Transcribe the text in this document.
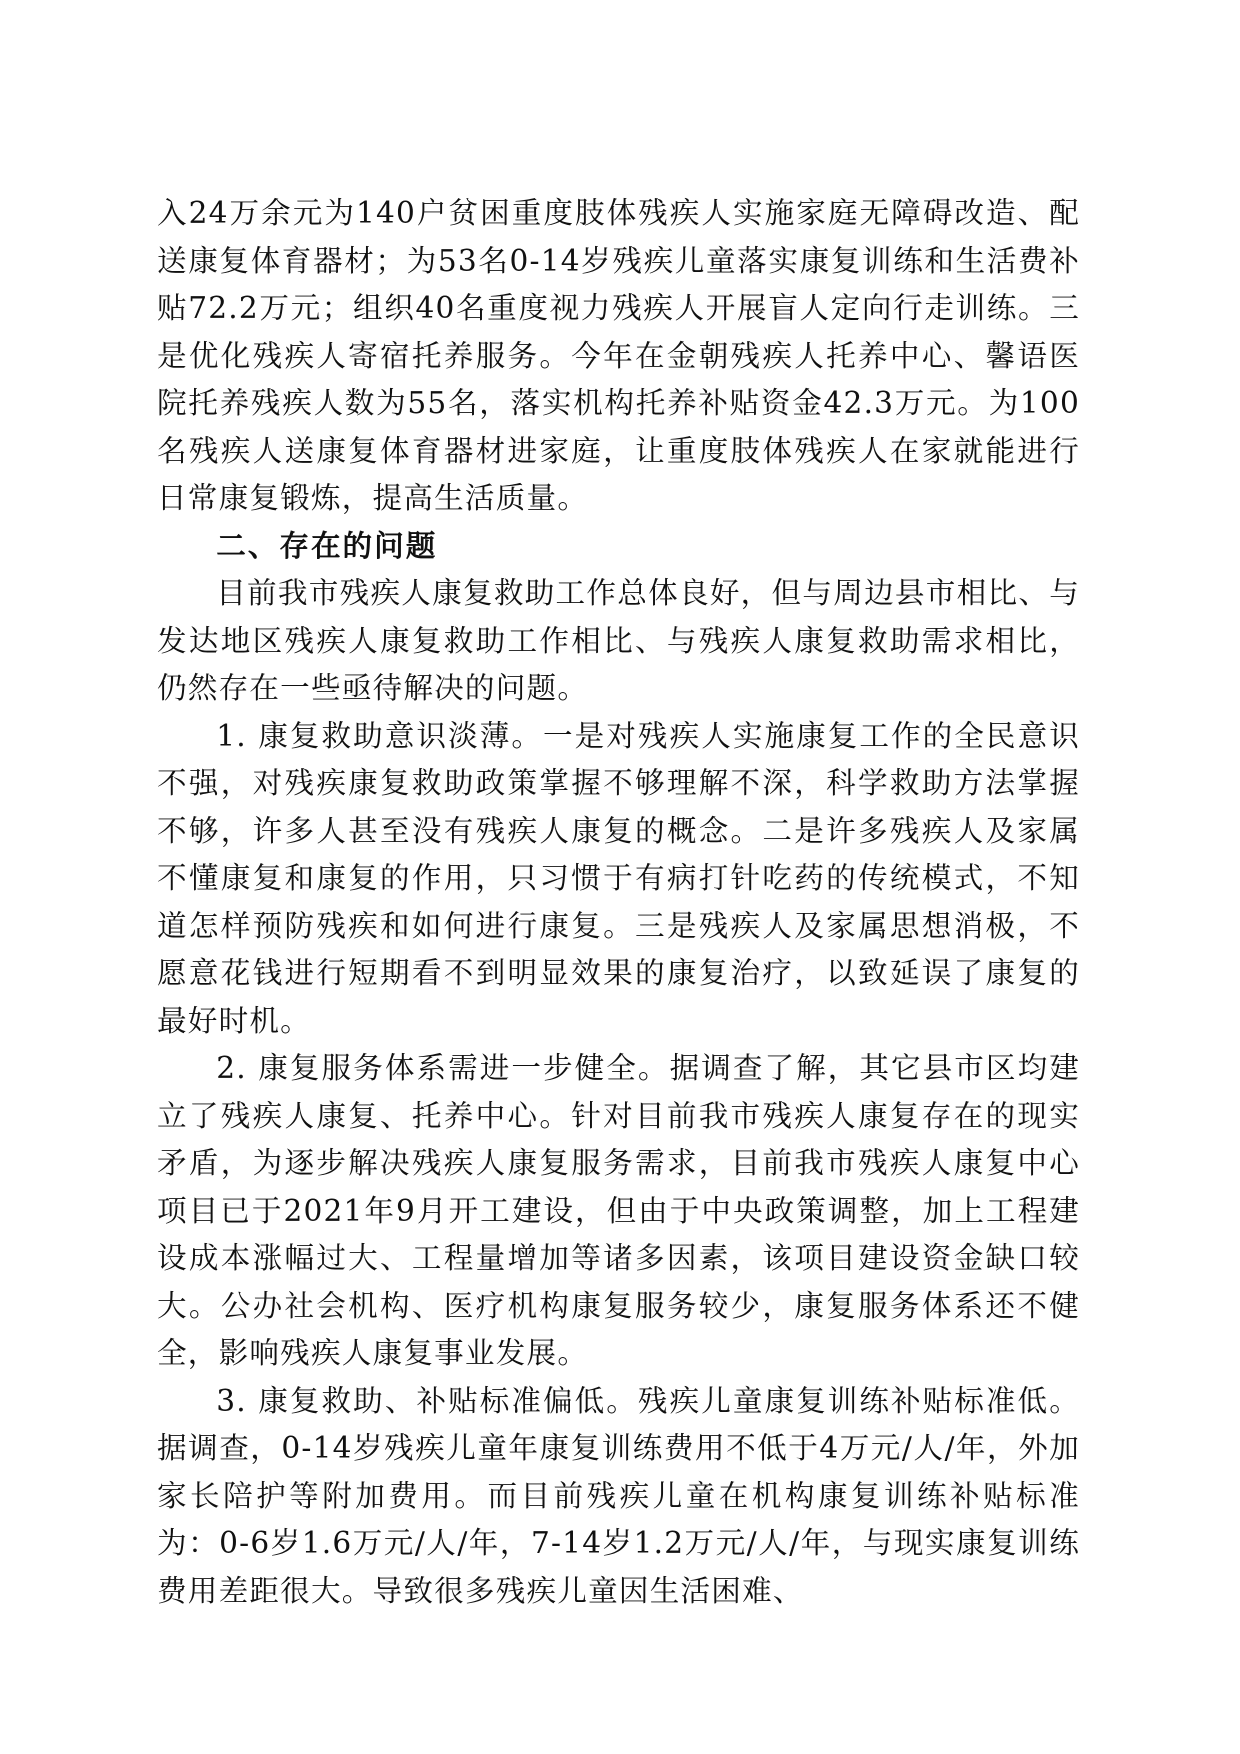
入24万余元为140户贫困重度肢体残疾人实施家庭无障碍改造、配送康复体育器材；为53名0-14岁残疾儿童落实康复训练和生活费补贴72.2万元；组织40名重度视力残疾人开展盲人定向行走训练。三是优化残疾人寄宿托养服务。今年在金朝残疾人托养中心、馨语医院托养残疾人数为55名，落实机构托养补贴资金42.3万元。为100名残疾人送康复体育器材进家庭，让重度肢体残疾人在家就能进行日常康复锻炼，提高生活质量。

二、存在的问题

目前我市残疾人康复救助工作总体良好，但与周边县市相比、与发达地区残疾人康复救助工作相比、与残疾人康复救助需求相比，仍然存在一些亟待解决的问题。

1. 康复救助意识淡薄。一是对残疾人实施康复工作的全民意识不强，对残疾康复救助政策掌握不够理解不深，科学救助方法掌握不够，许多人甚至没有残疾人康复的概念。二是许多残疾人及家属不懂康复和康复的作用，只习惯于有病打针吃药的传统模式，不知道怎样预防残疾和如何进行康复。三是残疾人及家属思想消极，不愿意花钱进行短期看不到明显效果的康复治疗，以致延误了康复的最好时机。

2. 康复服务体系需进一步健全。据调查了解，其它县市区均建立了残疾人康复、托养中心。针对目前我市残疾人康复存在的现实矛盾，为逐步解决残疾人康复服务需求，目前我市残疾人康复中心项目已于2021年9月开工建设，但由于中央政策调整，加上工程建设成本涨幅过大、工程量增加等诸多因素，该项目建设资金缺口较大。公办社会机构、医疗机构康复服务较少，康复服务体系还不健全，影响残疾人康复事业发展。

3. 康复救助、补贴标准偏低。残疾儿童康复训练补贴标准低。据调查，0-14岁残疾儿童年康复训练费用不低于4万元/人/年，外加家长陪护等附加费用。而目前残疾儿童在机构康复训练补贴标准为：0-6岁1.6万元/人/年，7-14岁1.2万元/人/年，与现实康复训练费用差距很大。导致很多残疾儿童因生活困难、
